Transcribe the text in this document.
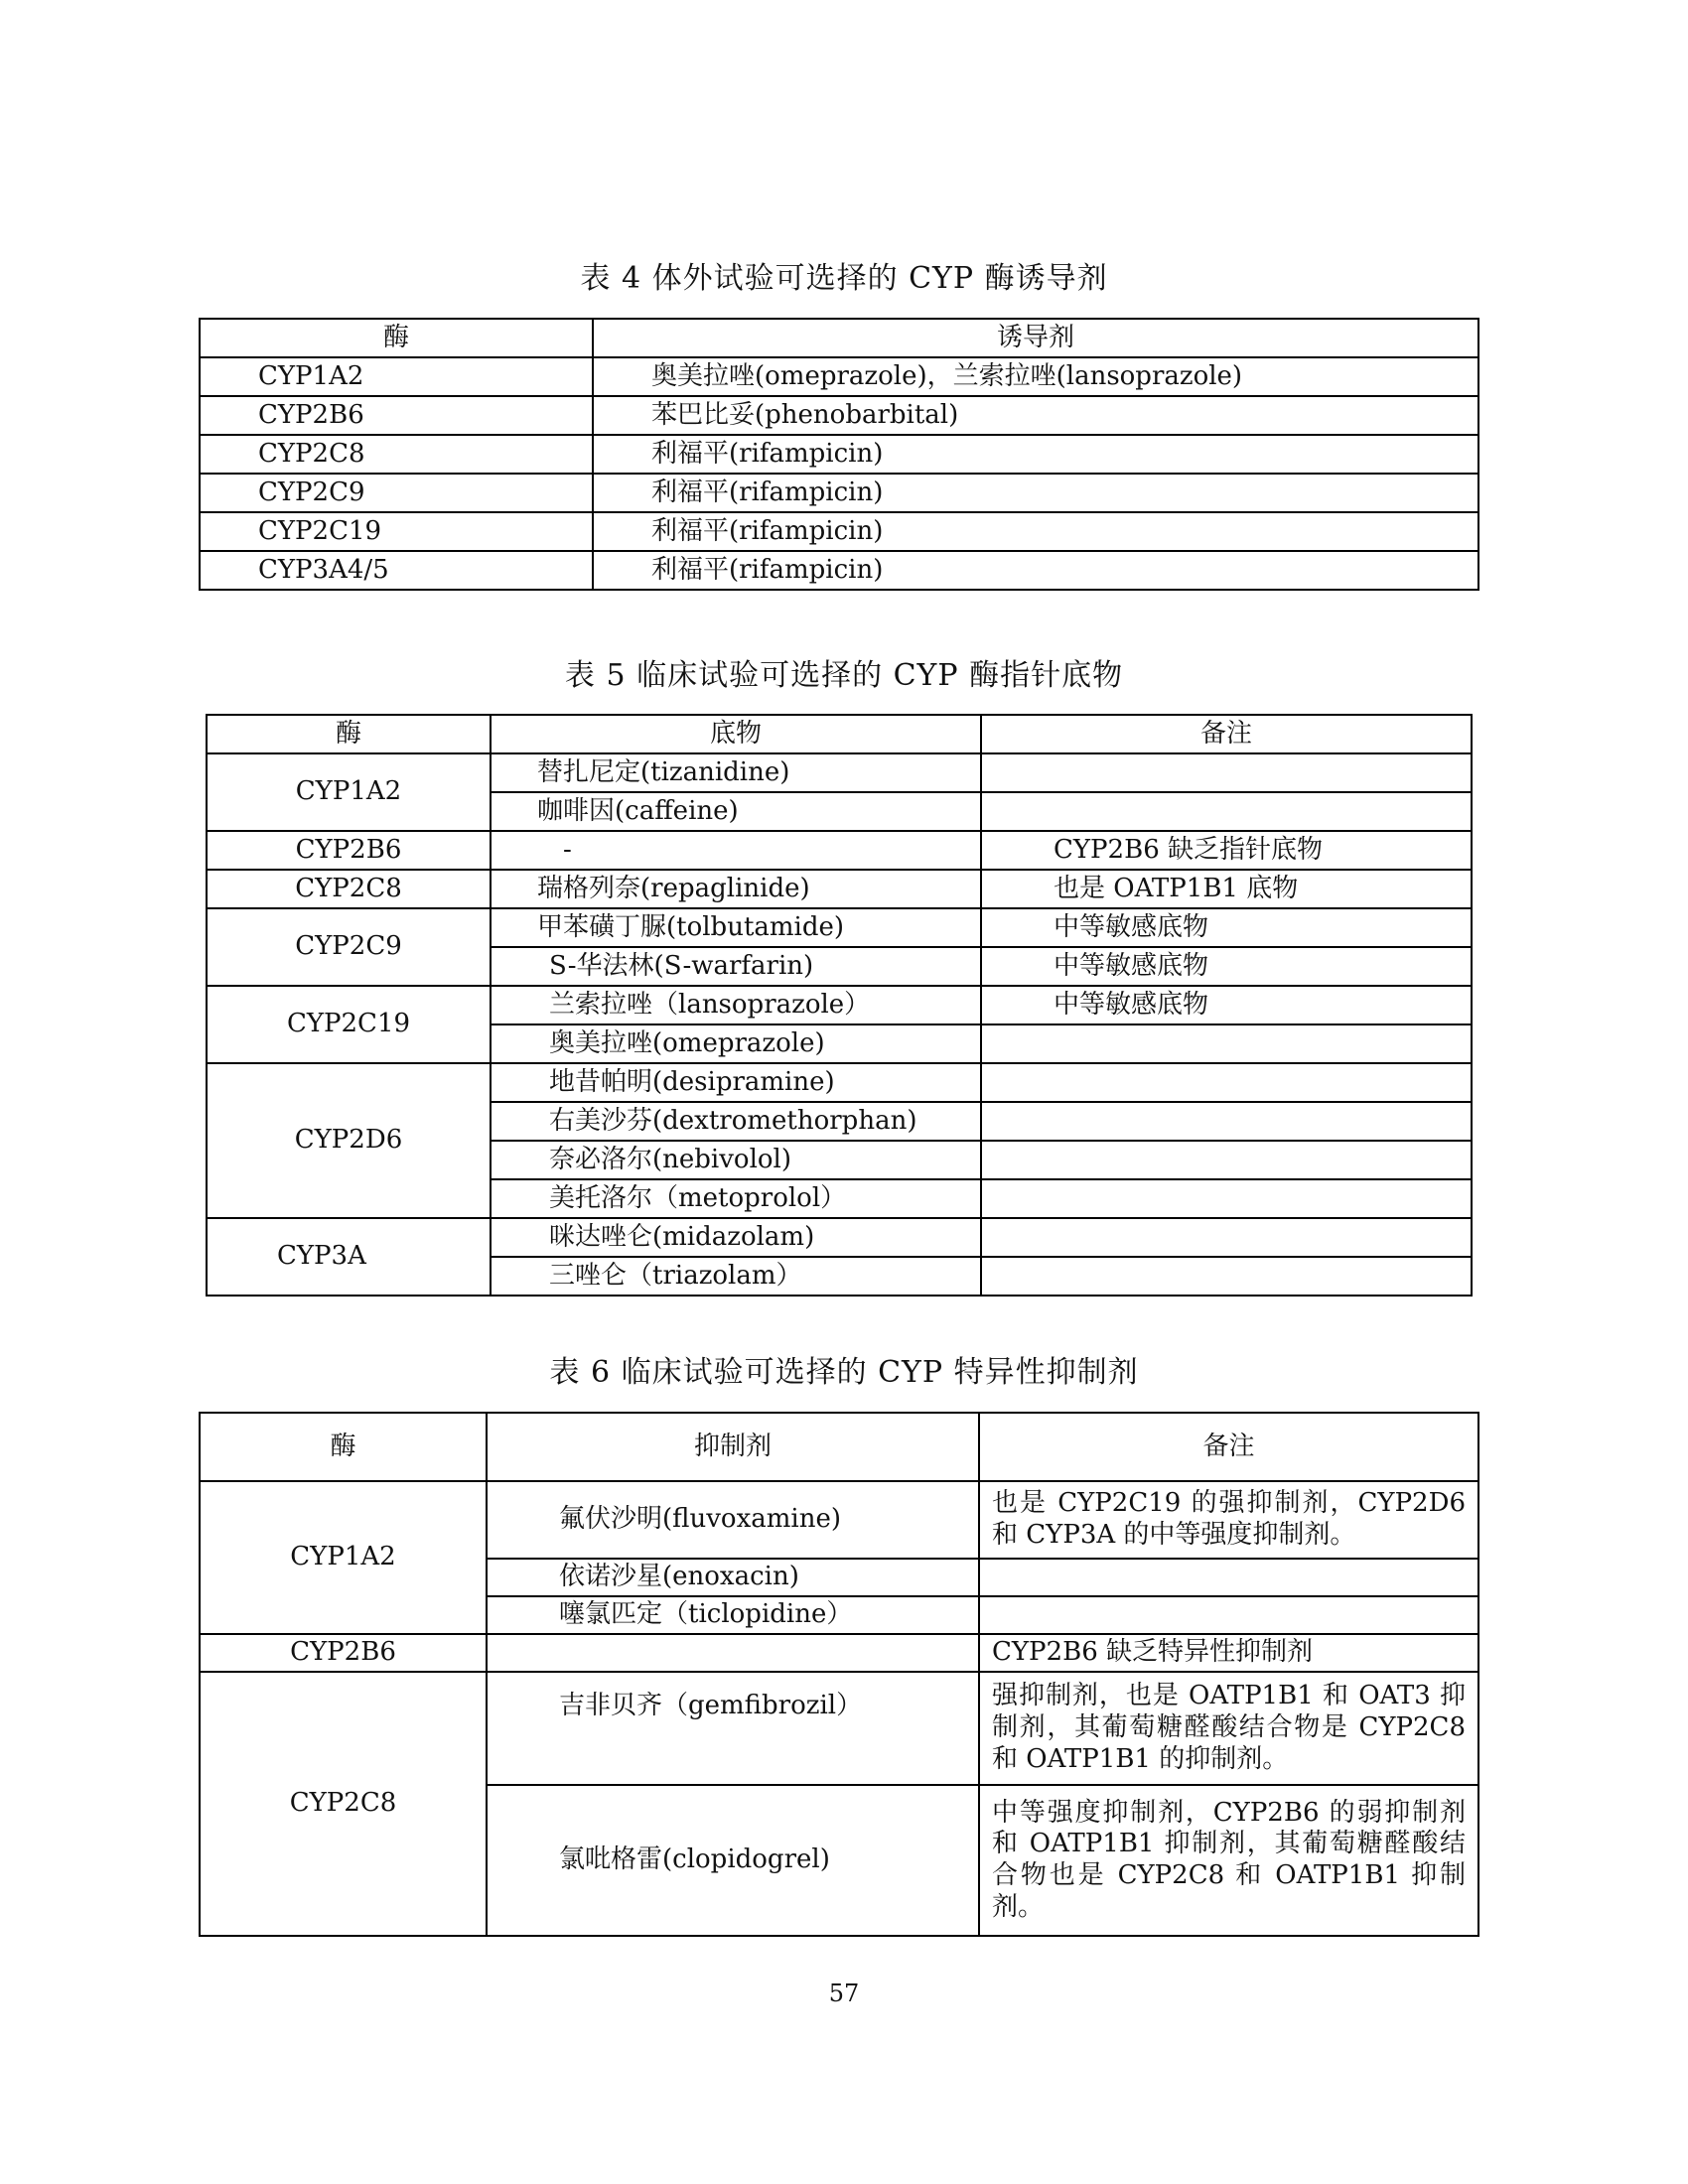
表 4 体外试验可选择的 CYP 酶诱导剂
酶	诱导剂
CYP1A2	奥美拉唑(omeprazole)，兰索拉唑(lansoprazole)
CYP2B6	苯巴比妥(phenobarbital)
CYP2C8	利福平(rifampicin)
CYP2C9	利福平(rifampicin)
CYP2C19	利福平(rifampicin)
CYP3A4/5	利福平(rifampicin)
表 5 临床试验可选择的 CYP 酶指针底物
酶	底物	备注
CYP1A2	替扎尼定(tizanidine)	
	咖啡因(caffeine)	
CYP2B6	-	CYP2B6 缺乏指针底物
CYP2C8	瑞格列奈(repaglinide)	也是 OATP1B1 底物
CYP2C9	甲苯磺丁脲(tolbutamide)	中等敏感底物
	S-华法林(S-warfarin)	中等敏感底物
CYP2C19	兰索拉唑（lansoprazole）	中等敏感底物
	奥美拉唑(omeprazole)	
CYP2D6	地昔帕明(desipramine)	
	右美沙芬(dextromethorphan)	
	奈必洛尔(nebivolol)	
	美托洛尔（metoprolol）	
CYP3A	咪达唑仑(midazolam)	
	三唑仑（triazolam）	
表 6 临床试验可选择的 CYP 特异性抑制剂
酶	抑制剂	备注
CYP1A2	氟伏沙明(fluvoxamine)	也是 CYP2C19 的强抑制剂，CYP2D6 和 CYP3A 的中等强度抑制剂。
	依诺沙星(enoxacin)	
	噻氯匹定（ticlopidine）	
CYP2B6		CYP2B6 缺乏特异性抑制剂
CYP2C8	吉非贝齐（gemfibrozil）	强抑制剂，也是 OATP1B1 和 OAT3 抑制剂，其葡萄糖醛酸结合物是 CYP2C8 和 OATP1B1 的抑制剂。
	氯吡格雷(clopidogrel)	中等强度抑制剂，CYP2B6 的弱抑制剂和 OATP1B1 抑制剂，其葡萄糖醛酸结合物也是 CYP2C8 和 OATP1B1 抑制剂。
57
